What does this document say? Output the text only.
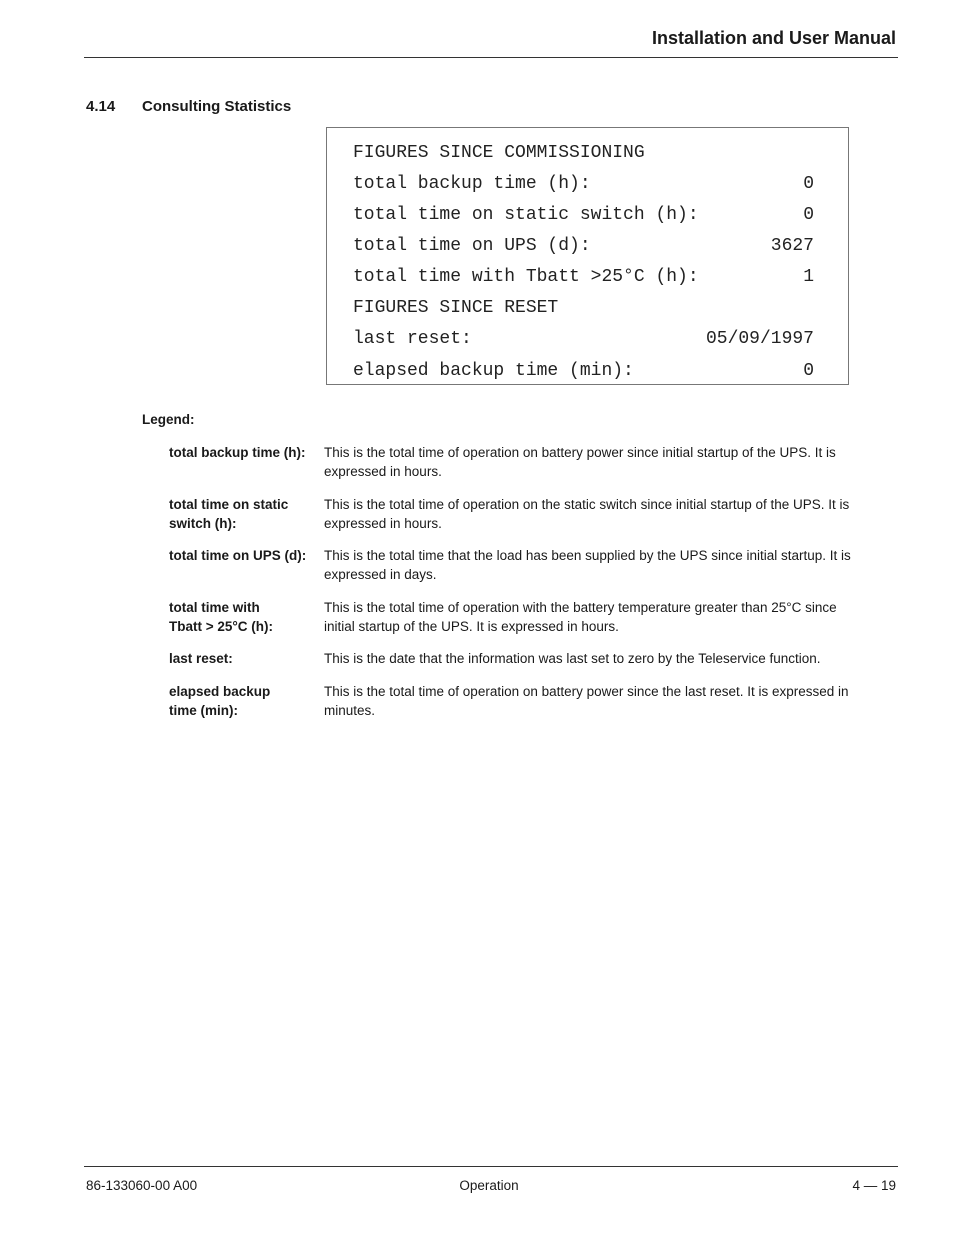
Installation and User Manual
4.14 Consulting Statistics
FIGURES SINCE COMMISSIONING
total backup time (h):	0
total time on static switch (h):	0
total time on UPS (d):	3627
total time with Tbatt >25°C (h):	1
FIGURES SINCE RESET
last reset:	05/09/1997
elapsed backup time (min):	0
Legend:
total backup time (h):	This is the total time of operation on battery power since initial startup of the UPS. It is expressed in hours.
total time on static switch (h):
This is the total time of operation on the static switch since initial startup of the UPS. It is expressed in hours.
total time on UPS (d):	This is the total time that the load has been supplied by the UPS since initial startup. It is expressed in days.
total time with Tbatt > 25°C (h):
This is the total time of operation with the battery temperature greater than 25°C since initial startup of the UPS. It is expressed in hours.
last reset:	This is the date that the information was last set to zero by the Teleservice function.
elapsed backup time (min):
This is the total time of operation on battery power since the last reset. It is expressed in minutes.
86-133060-00 A00	Operation	4 — 19
